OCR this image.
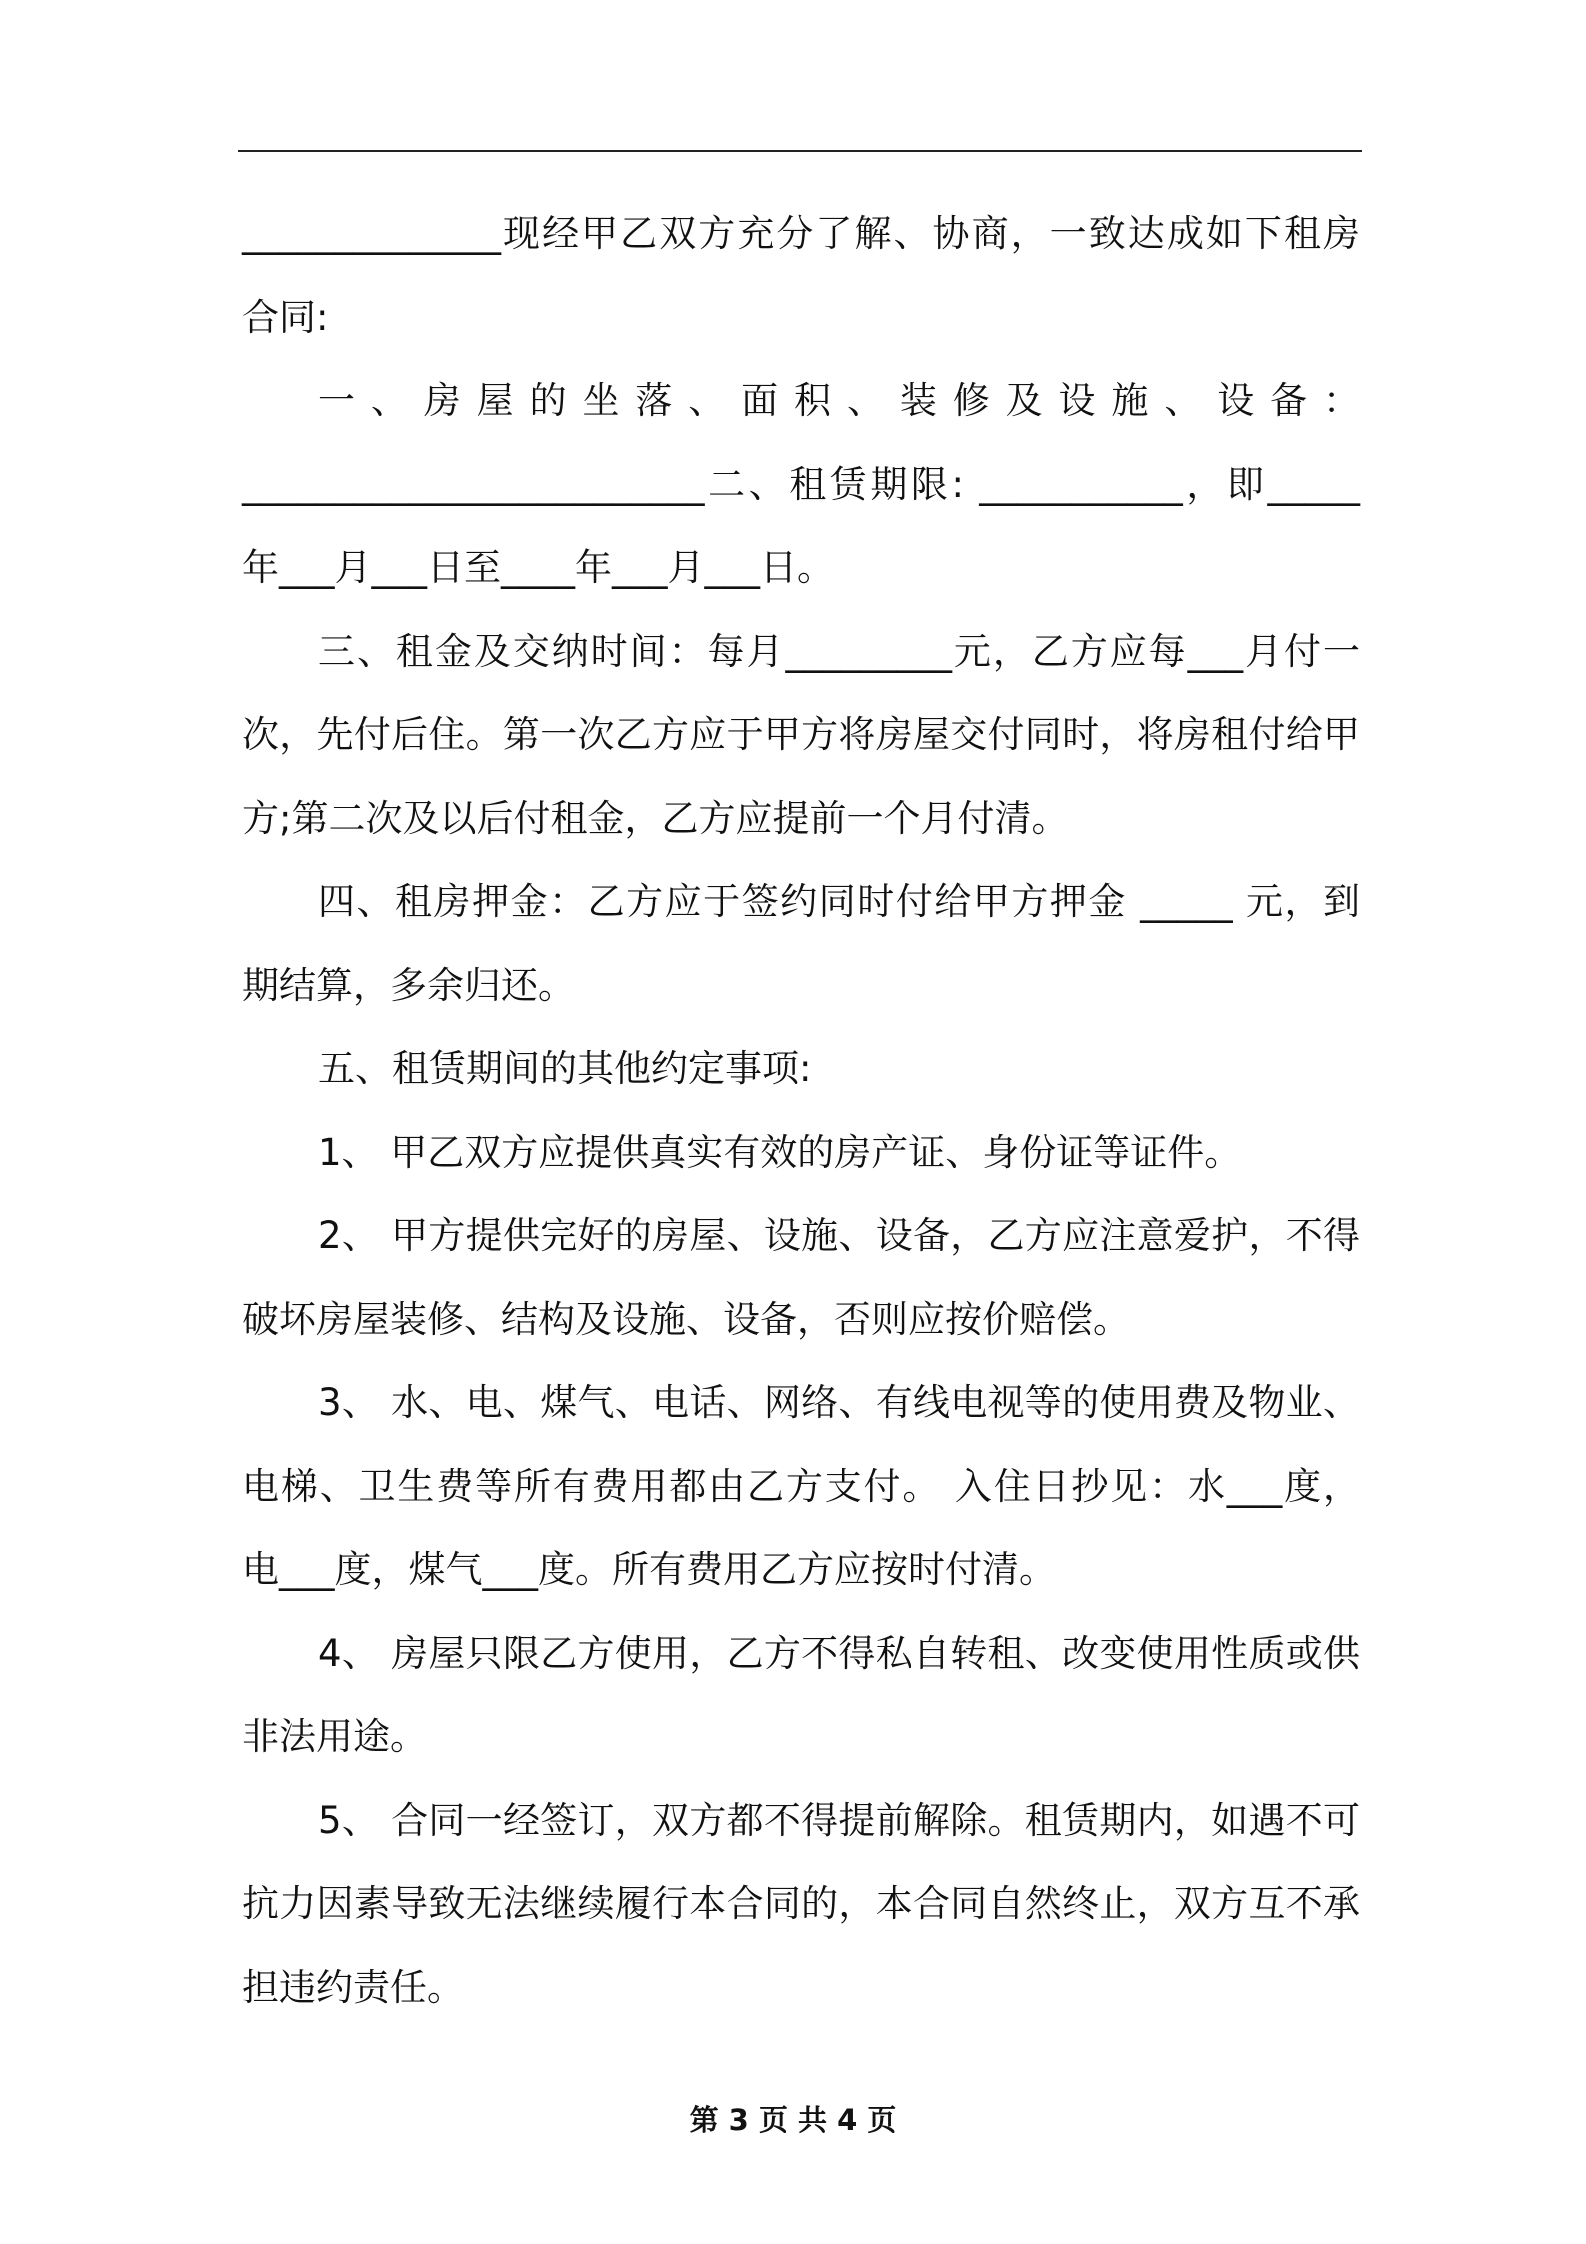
______________现经甲乙双方充分了解、协商，一致达成如下租房
合同:
一、房屋的坐落、面积、装修及设施、设备：
_________________________二、租赁期限: ___________，即_____
年___月___日至____年___月___日。
三、租金及交纳时间：每月_________元，乙方应每___月付一
次，先付后住。第一次乙方应于甲方将房屋交付同时，将房租付给甲
方;第二次及以后付租金，乙方应提前一个月付清。
四、租房押金：乙方应于签约同时付给甲方押金 _____ 元，到
期结算，多余归还。
五、租赁期间的其他约定事项:
1、 甲乙双方应提供真实有效的房产证、身份证等证件。
2、 甲方提供完好的房屋、设施、设备，乙方应注意爱护，不得
破坏房屋装修、结构及设施、设备，否则应按价赔偿。
3、 水、电、煤气、电话、网络、有线电视等的使用费及物业、
电梯、卫生费等所有费用都由乙方支付。 入住日抄见：水___度，
电___度，煤气___度。所有费用乙方应按时付清。
4、 房屋只限乙方使用，乙方不得私自转租、改变使用性质或供
非法用途。
5、 合同一经签订，双方都不得提前解除。租赁期内，如遇不可
抗力因素导致无法继续履行本合同的，本合同自然终止，双方互不承
担违约责任。
第 3 页 共 4 页
